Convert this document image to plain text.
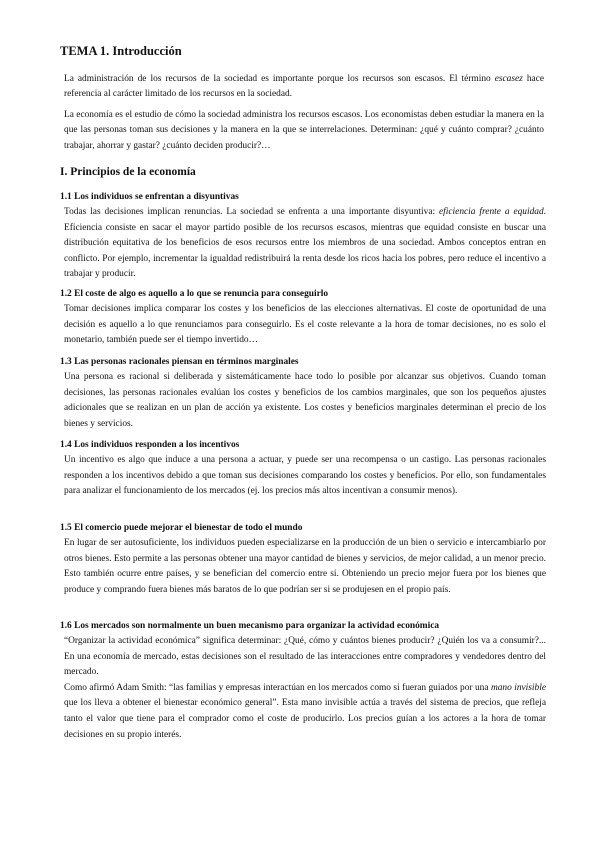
TEMA 1. Introducción

La administración de los recursos de la sociedad es importante porque los recursos son escasos. El término escasez hace referencia al carácter limitado de los recursos en la sociedad.

La economía es el estudio de cómo la sociedad administra los recursos escasos. Los economistas deben estudiar la manera en la que las personas toman sus decisiones y la manera en la que se interrelaciones. Determinan: ¿qué y cuánto comprar? ¿cuánto trabajar, ahorrar y gastar? ¿cuánto deciden producir?…

I. Principios de la economía
1.1 Los individuos se enfrentan a disyuntivas

Todas las decisiones implican renuncias. La sociedad se enfrenta a una importante disyuntiva: eficiencia frente a equidad. Eficiencia consiste en sacar el mayor partido posible de los recursos escasos, mientras que equidad consiste en buscar una distribución equitativa de los beneficios de esos recursos entre los miembros de una sociedad. Ambos conceptos entran en conflicto. Por ejemplo, incrementar la igualdad redistribuirá la renta desde los ricos hacia los pobres, pero reduce el incentivo a trabajar y producir.

1.2 El coste de algo es aquello a lo que se renuncia para conseguirlo

Tomar decisiones implica comparar los costes y los beneficios de las elecciones alternativas. El coste de oportunidad de una decisión es aquello a lo que renunciamos para conseguirlo. Es el coste relevante a la hora de tomar decisiones, no es solo el monetario, también puede ser el tiempo invertido…

1.3 Las personas racionales piensan en términos marginales

Una persona es racional si deliberada y sistemáticamente hace todo lo posible por alcanzar sus objetivos. Cuando toman decisiones, las personas racionales evalúan los costes y beneficios de los cambios marginales, que son los pequeños ajustes adicionales que se realizan en un plan de acción ya existente. Los costes y beneficios marginales determinan el precio de los bienes y servicios.

1.4 Los individuos responden a los incentivos

Un incentivo es algo que induce a una persona a actuar, y puede ser una recompensa o un castigo. Las personas racionales responden a los incentivos debido a que toman sus decisiones comparando los costes y beneficios. Por ello, son fundamentales para analizar el funcionamiento de los mercados (ej. los precios más altos incentivan a consumir menos).

1.5 El comercio puede mejorar el bienestar de todo el mundo

En lugar de ser autosuficiente, los individuos pueden especializarse en la producción de un bien o servicio e intercambiarlo por otros bienes. Esto permite a las personas obtener una mayor cantidad de bienes y servicios, de mejor calidad, a un menor precio. Esto también ocurre entre países, y se benefician del comercio entre sí. Obteniendo un precio mejor fuera por los bienes que produce y comprando fuera bienes más baratos de lo que podrían ser si se produjesen en el propio país.

1.6 Los mercados son normalmente un buen mecanismo para organizar la actividad económica

“Organizar la actividad económica” significa determinar: ¿Qué, cómo y cuántos bienes producir? ¿Quién los va a consumir?... En una economía de mercado, estas decisiones son el resultado de las interacciones entre compradores y vendedores dentro del mercado.

Como afirmó Adam Smith: “las familias y empresas interactúan en los mercados como si fueran guiados por una mano invisible que los lleva a obtener el bienestar económico general”. Esta mano invisible actúa a través del sistema de precios, que refleja tanto el valor que tiene para el comprador como el coste de producirlo. Los precios guían a los actores a la hora de tomar decisiones en su propio interés.
